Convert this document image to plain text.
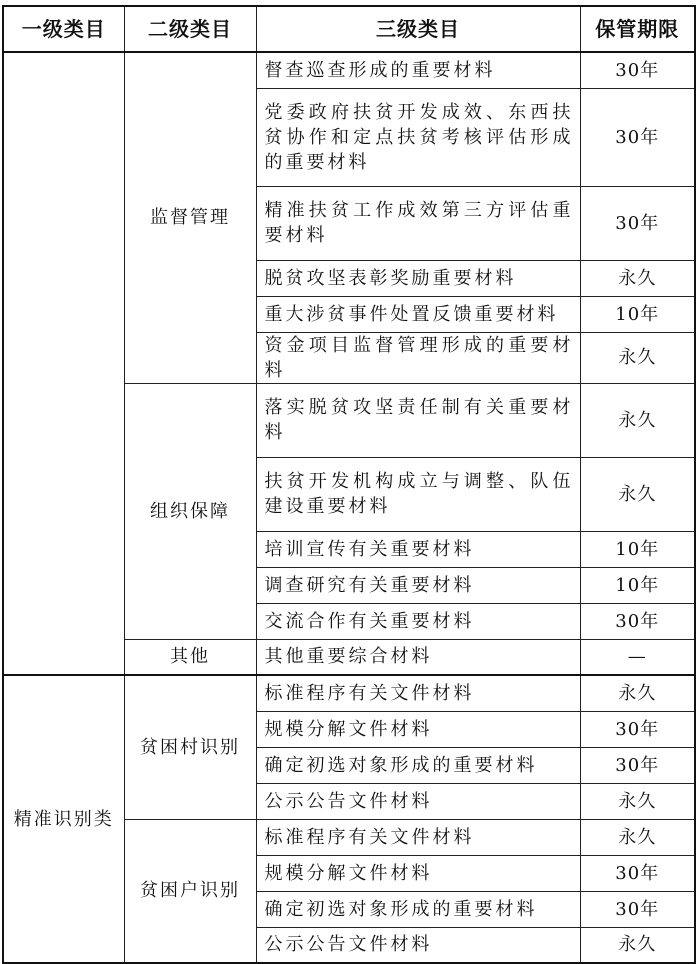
一级类目	二级类目	三级类目	保管期限
	监督管理	督查巡查形成的重要材料	30年
		党委政府扶贫开发成效、东西扶贫协作和定点扶贫考核评估形成的重要材料	30年
		精准扶贫工作成效第三方评估重要材料	30年
		脱贫攻坚表彰奖励重要材料	永久
		重大涉贫事件处置反馈重要材料	10年
		资金项目监督管理形成的重要材料	永久
	组织保障	落实脱贫攻坚责任制有关重要材料	永久
		扶贫开发机构成立与调整、队伍建设重要材料	永久
		培训宣传有关重要材料	10年
		调查研究有关重要材料	10年
		交流合作有关重要材料	30年
	其他	其他重要综合材料	—
精准识别类	贫困村识别	标准程序有关文件材料	永久
		规模分解文件材料	30年
		确定初选对象形成的重要材料	30年
		公示公告文件材料	永久
	贫困户识别	标准程序有关文件材料	永久
		规模分解文件材料	30年
		确定初选对象形成的重要材料	30年
		公示公告文件材料	永久
